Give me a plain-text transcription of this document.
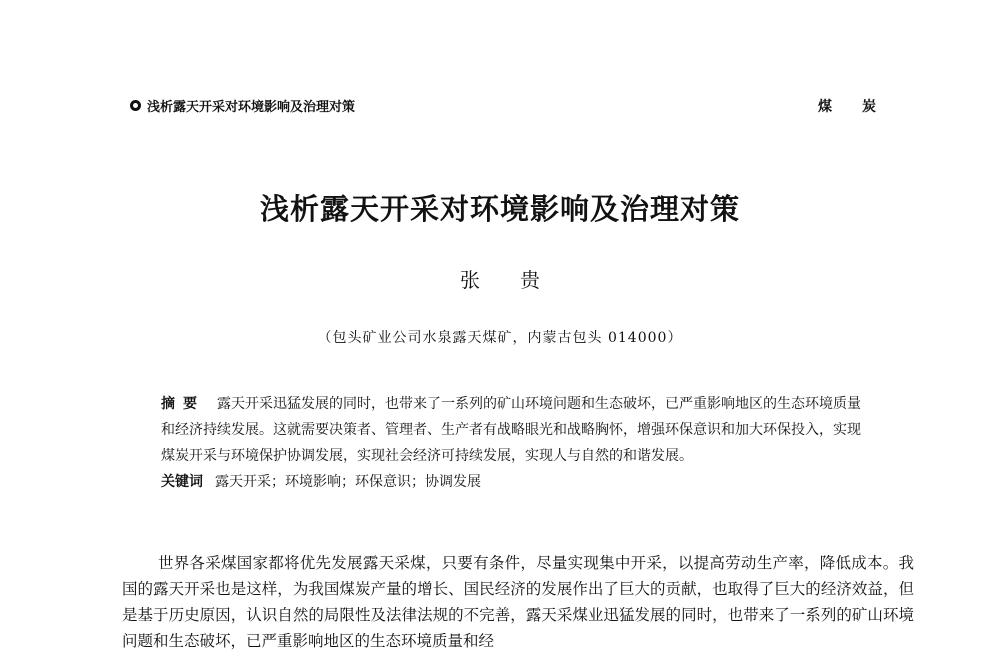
浅析露天开采对环境影响及治理对策	煤炭
浅析露天开采对环境影响及治理对策
张贵
（包头矿业公司水泉露天煤矿，内蒙古包头 014000）

摘要 露天开采迅猛发展的同时，也带来了一系列的矿山环境问题和生态破坏，已严重影响地区的生态环境质量和经济持续发展。这就需要决策者、管理者、生产者有战略眼光和战略胸怀，增强环保意识和加大环保投入，实现煤炭开采与环境保护协调发展，实现社会经济可持续发展，实现人与自然的和谐发展。

关键词 露天开采；环境影响；环保意识；协调发展

世界各采煤国家都将优先发展露天采煤，只要有条件，尽量实现集中开采，以提高劳动生产率，降低成本。我国的露天开采也是这样，为我国煤炭产量的增长、国民经济的发展作出了巨大的贡献，也取得了巨大的经济效益，但是基于历史原因，认识自然的局限性及法律法规的不完善，露天采煤业迅猛发展的同时，也带来了一系列的矿山环境问题和生态破坏，已严重影响地区的生态环境质量和经
